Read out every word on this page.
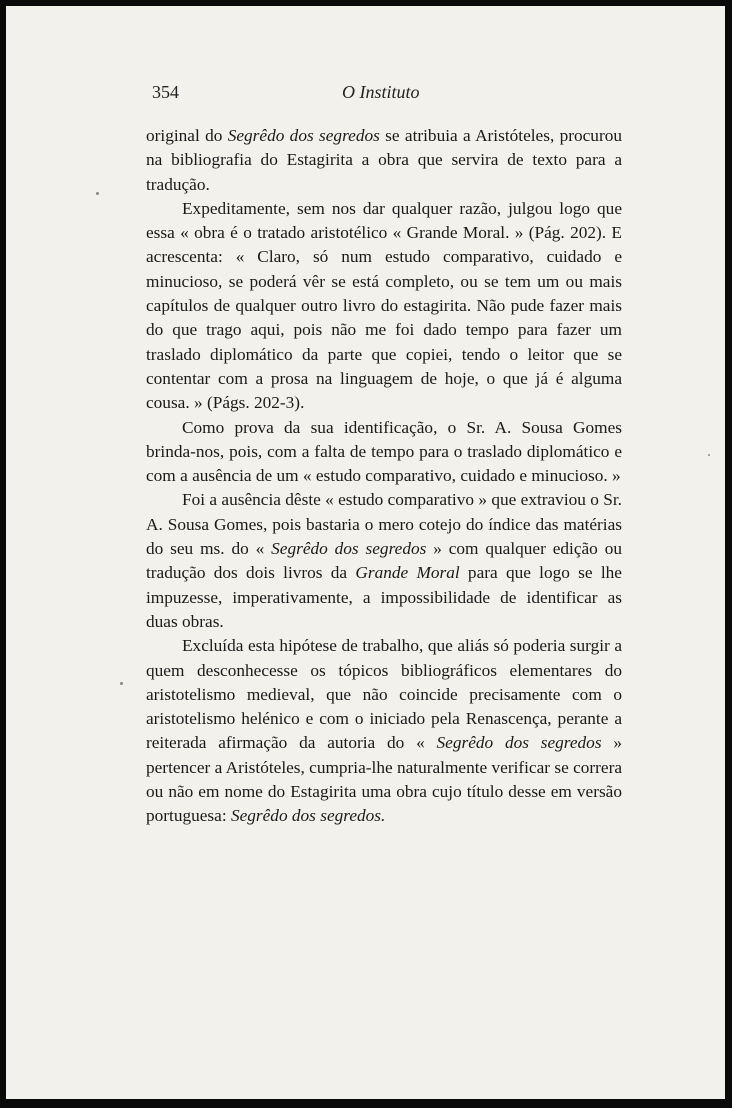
354	O Instituto

original do Segrêdo dos segredos se atribuia a Aristóteles, procurou na bibliografia do Estagirita a obra que servira de texto para a tradução.

Expeditamente, sem nos dar qualquer razão, julgou logo que essa « obra é o tratado aristotélico « Grande Moral. » (Pág. 202). E acrescenta: « Claro, só num estudo comparativo, cuidado e minucioso, se poderá vêr se está completo, ou se tem um ou mais capítulos de qualquer outro livro do estagirita. Não pude fazer mais do que trago aqui, pois não me foi dado tempo para fazer um traslado diplomático da parte que copiei, tendo o leitor que se contentar com a prosa na linguagem de hoje, o que já é alguma cousa. » (Págs. 202-3).

Como prova da sua identificação, o Sr. A. Sousa Gomes brinda-nos, pois, com a falta de tempo para o traslado diplomático e com a ausência de um « estudo comparativo, cuidado e minucioso. »

Foi a ausência dêste « estudo comparativo » que extraviou o Sr. A. Sousa Gomes, pois bastaria o mero cotejo do índice das matérias do seu ms. do « Segrêdo dos segredos » com qualquer edição ou tradução dos dois livros da Grande Moral para que logo se lhe impuzesse, imperativamente, a impossibilidade de identificar as duas obras.

Excluída esta hipótese de trabalho, que aliás só poderia surgir a quem desconhecesse os tópicos bibliográficos elementares do aristotelismo medieval, que não coincide precisamente com o aristotelismo helénico e com o iniciado pela Renascença, perante a reiterada afirmação da autoria do « Segrêdo dos segredos » pertencer a Aristóteles, cumpria-lhe naturalmente verificar se correra ou não em nome do Estagirita uma obra cujo título desse em versão portuguesa: Segrêdo dos segredos.
